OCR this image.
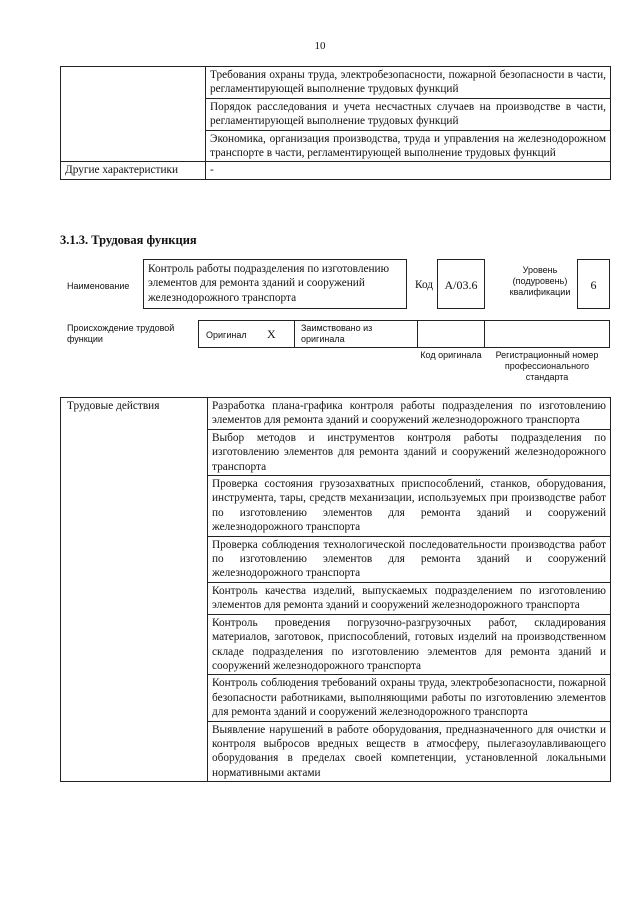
10
	Требования охраны труда, электробезопасности, пожарной безопасности в части, регламентирующей выполнение трудовых функций
	Порядок расследования и учета несчастных случаев на производстве в части, регламентирующей выполнение трудовых функций
	Экономика, организация производства, труда и управления на железнодорожном транспорте в части, регламентирующей выполнение трудовых функций
Другие характеристики	-
3.1.3. Трудовая функция
Наименование
Контроль работы подразделения по изготовлению элементов для ремонта зданий и сооружений железнодорожного транспорта
Код А/03.6
Уровень (подуровень) квалификации	6
Происхождение трудовой функции	Оригинал X	Заимствовано из оригинала
Код оригинала	Регистрационный номер профессионального стандарта
Трудовые действия	Разработка плана-графика контроля работы подразделения по изготовлению элементов для ремонта зданий и сооружений железнодорожного транспорта
Выбор методов и инструментов контроля работы подразделения по изготовлению элементов для ремонта зданий и сооружений железнодорожного транспорта
Проверка состояния грузозахватных приспособлений, станков, оборудования, инструмента, тары, средств механизации, используемых при производстве работ по изготовлению элементов для ремонта зданий и сооружений железнодорожного транспорта
Проверка соблюдения технологической последовательности производства работ по изготовлению элементов для ремонта зданий и сооружений железнодорожного транспорта
Контроль качества изделий, выпускаемых подразделением по изготовлению элементов для ремонта зданий и сооружений железнодорожного транспорта
Контроль проведения погрузочно-разгрузочных работ, складирования материалов, заготовок, приспособлений, готовых изделий на производственном складе подразделения по изготовлению элементов для ремонта зданий и сооружений железнодорожного транспорта
Контроль соблюдения требований охраны труда, электробезопасности, пожарной безопасности работниками, выполняющими работы по изготовлению элементов для ремонта зданий и сооружений железнодорожного транспорта
Выявление нарушений в работе оборудования, предназначенного для очистки и контроля выбросов вредных веществ в атмосферу, пылегазоулавливающего оборудования в пределах своей компетенции, установленной локальными нормативными актами
